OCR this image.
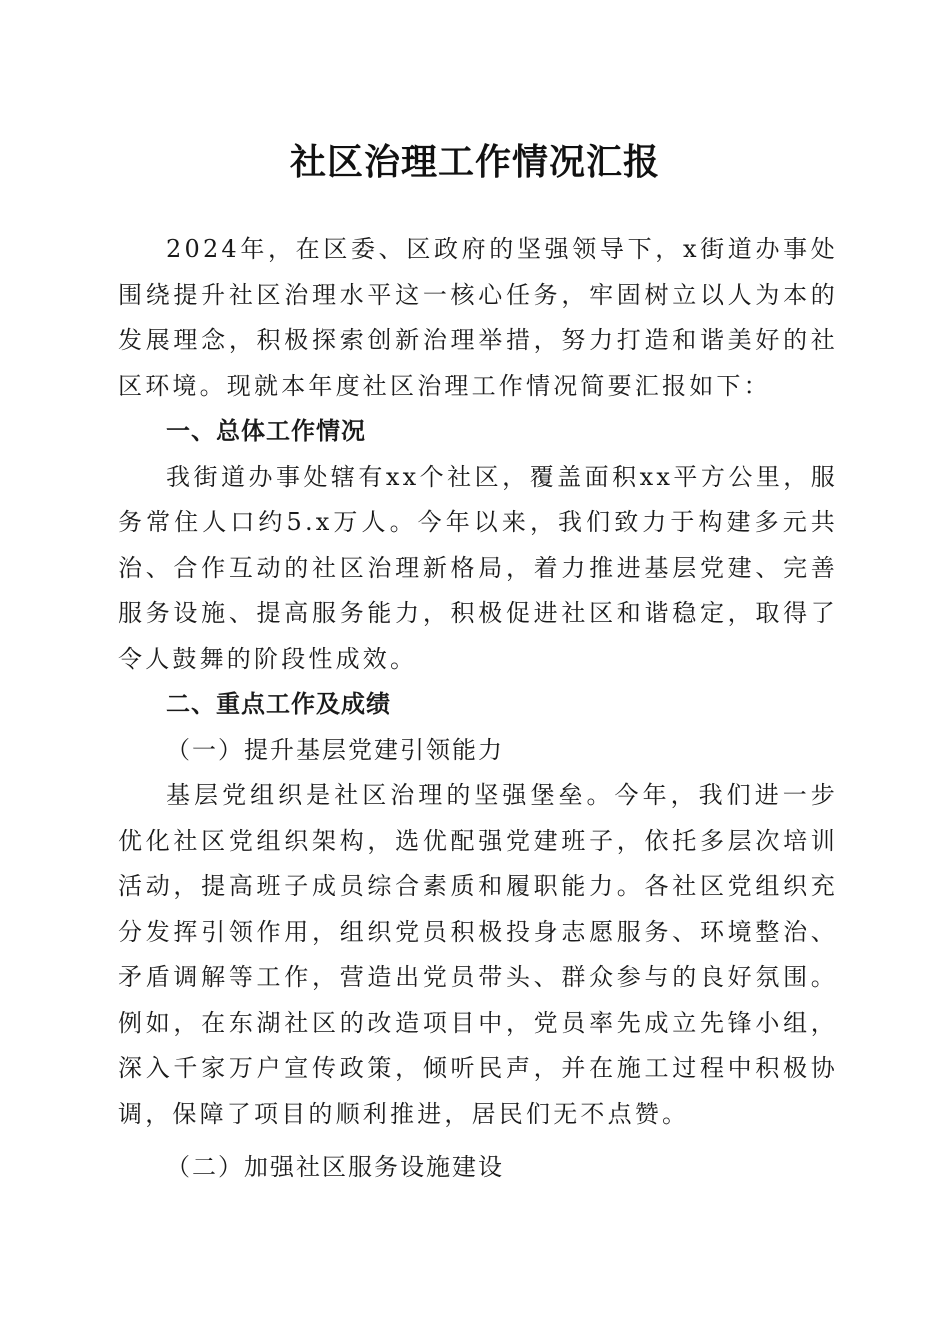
社区治理工作情况汇报

2024年，在区委、区政府的坚强领导下，x街道办事处围绕提升社区治理水平这一核心任务，牢固树立以人为本的发展理念，积极探索创新治理举措，努力打造和谐美好的社区环境。现就本年度社区治理工作情况简要汇报如下：

一、总体工作情况

我街道办事处辖有xx个社区，覆盖面积xx平方公里，服务常住人口约5.x万人。今年以来，我们致力于构建多元共治、合作互动的社区治理新格局，着力推进基层党建、完善服务设施、提高服务能力，积极促进社区和谐稳定，取得了令人鼓舞的阶段性成效。

二、重点工作及成绩

（一）提升基层党建引领能力

基层党组织是社区治理的坚强堡垒。今年，我们进一步优化社区党组织架构，选优配强党建班子，依托多层次培训活动，提高班子成员综合素质和履职能力。各社区党组织充分发挥引领作用，组织党员积极投身志愿服务、环境整治、矛盾调解等工作，营造出党员带头、群众参与的良好氛围。例如，在东湖社区的改造项目中，党员率先成立先锋小组，深入千家万户宣传政策，倾听民声，并在施工过程中积极协调，保障了项目的顺利推进，居民们无不点赞。

（二）加强社区服务设施建设
